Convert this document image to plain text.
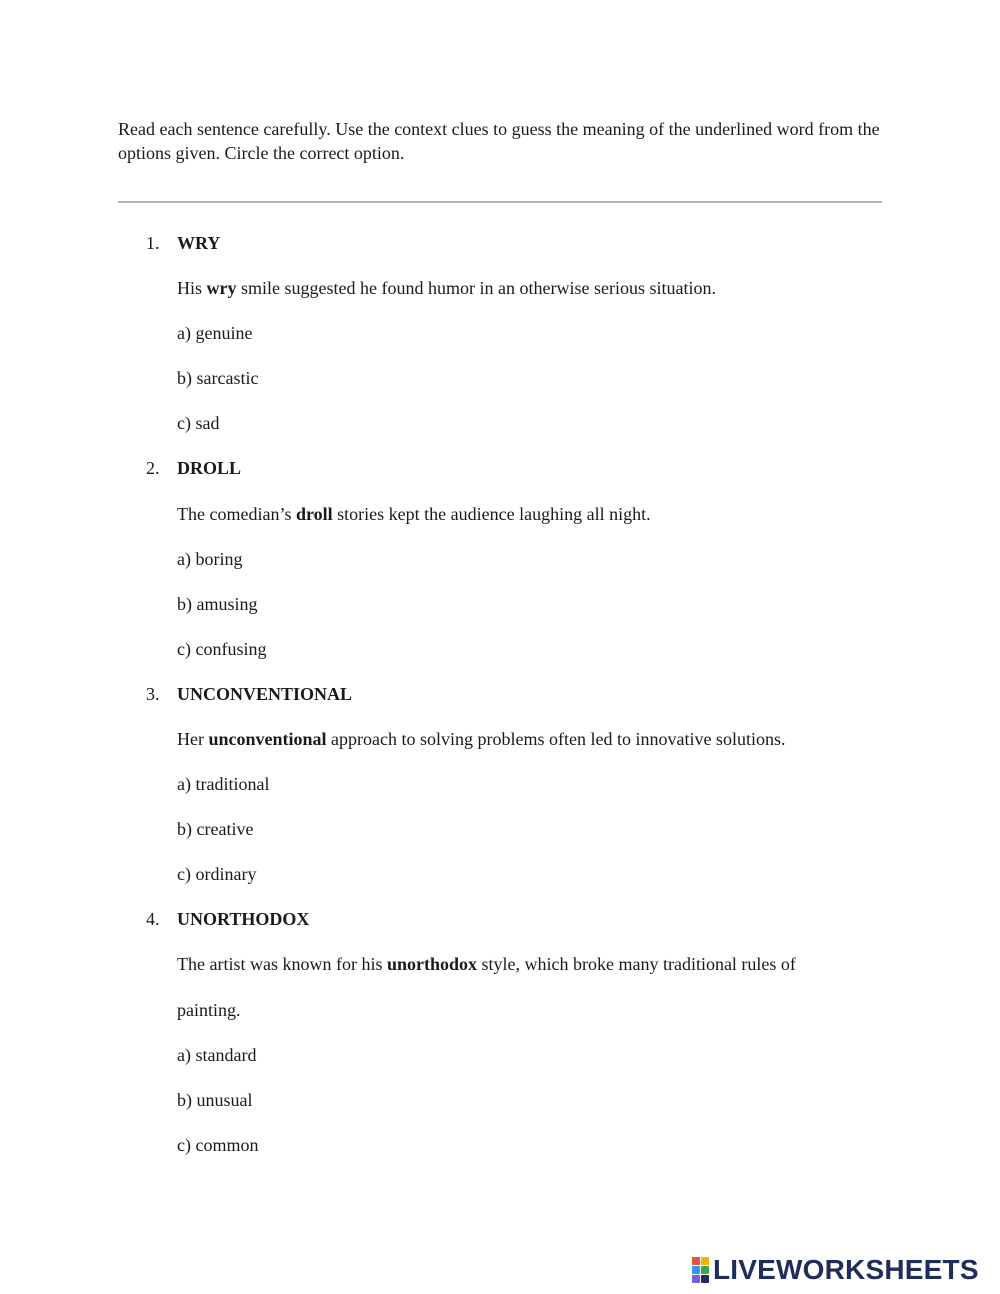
Read each sentence carefully. Use the context clues to guess the meaning of the underlined word from the options given. Circle the correct option.
1. WRY
His wry smile suggested he found humor in an otherwise serious situation.
a) genuine
b) sarcastic
c) sad
2. DROLL
The comedian’s droll stories kept the audience laughing all night.
a) boring
b) amusing
c) confusing
3. UNCONVENTIONAL
Her unconventional approach to solving problems often led to innovative solutions.
a) traditional
b) creative
c) ordinary
4. UNORTHODOX
The artist was known for his unorthodox style, which broke many traditional rules of
painting.
a) standard
b) unusual
c) common
LIVEWORKSHEETS
